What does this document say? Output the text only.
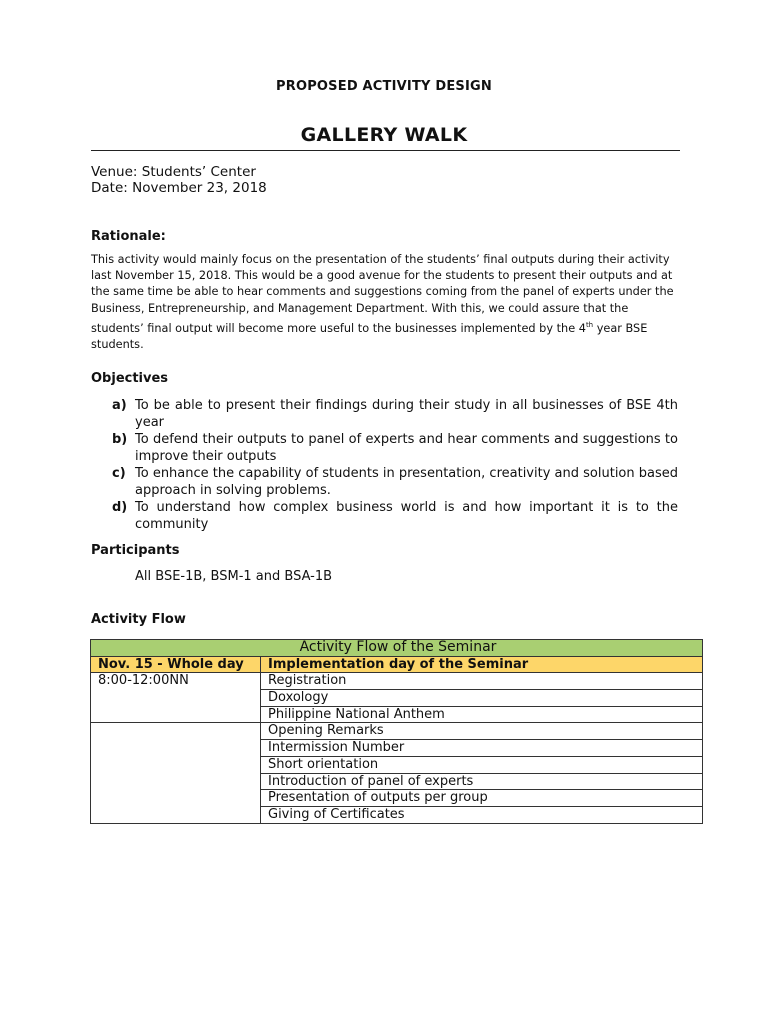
PROPOSED ACTIVITY DESIGN
GALLERY WALK
Venue: Students’ Center
Date: November 23, 2018
Rationale:
This activity would mainly focus on the presentation of the students’ final outputs during their activity last November 15, 2018. This would be a good avenue for the students to present their outputs and at the same time be able to hear comments and suggestions coming from the panel of experts under the Business, Entrepreneurship, and Management Department. With this, we could assure that the students’ final output will become more useful to the businesses implemented by the 4th year BSE students.
Objectives
a) To be able to present their findings during their study in all businesses of BSE 4th year
b) To defend their outputs to panel of experts and hear comments and suggestions to improve their outputs
c) To enhance the capability of students in presentation, creativity and solution based approach in solving problems.
d) To understand how complex business world is and how important it is to the community
Participants
All BSE-1B, BSM-1 and BSA-1B
Activity Flow
Activity Flow of the Seminar	
Nov. 15 - Whole day	Implementation day of the Seminar
8:00-12:00NN	Registration
	Doxology
	Philippine National Anthem
	Opening Remarks
	Intermission Number
	Short orientation
	Introduction of panel of experts
	Presentation of outputs per group
	Giving of Certificates
